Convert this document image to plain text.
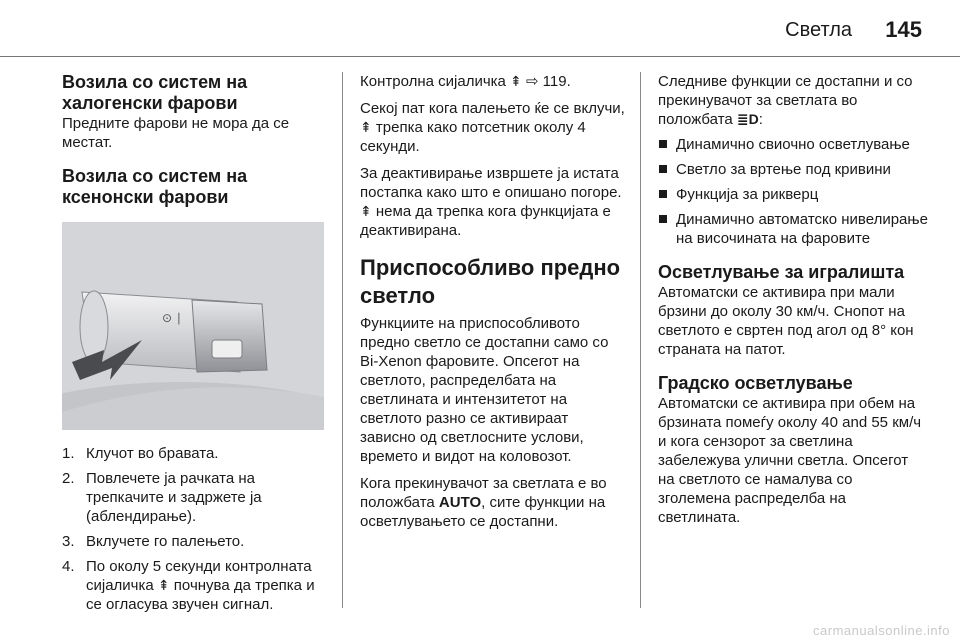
Светла 145
Возила со систем на халогенски фарови

Предните фарови не мора да се местат.

Возила со систем на ксенонски фарови
⊙ ∣
1. Клучот во бравата.
2. Повлечете ја рачката на трепкачите и задржете ја (аблендирање).
3. Вклучете го палењето.
4. По околу 5 секунди контролната сијаличка ⇞ почнува да трепка и се огласува звучен сигнал.

Контролна сијаличка ⇞ ⇨ 119.

Секој пат кога палењето ќе се вклучи, ⇞ трепка како потсетник околу 4 секунди.

За деактивирање извршете ја истата постапка како што е опишано погоре. ⇞ нема да трепка кога функцијата е деактивирана.

Приспособливо предно светло

Функциите на приспособливото предно светло се достапни само со Bi-Xenon фаровите. Опсегот на светлото, распределбата на светлината и интензитетот на светлото разно се активираат зависно од светлосните услови, времето и видот на коловозот.

Кога прекинувачот за светлата е во положбата AUTO, сите функции на осветлувањето се достапни.

Следниве функции се достапни и со прекинувачот за светлата во положбата ≣D:

Динамично свиочно осветлување
Светло за вртење под кривини
Функција за рикверц
Динамично автоматско нивелирање на височината на фаровите
Осветлување за игралишта

Автоматски се активира при мали брзини до околу 30 км/ч. Снопот на светлото е свртен под агол од 8° кон страната на патот.

Градско осветлување

Автоматски се активира при обем на брзината помеѓу околу 40 and 55 км/ч и кога сензорот за светлина забележува улични светла. Опсегот на светлото се намалува со зголемена распределба на светлината.

carmanualsonline.info
